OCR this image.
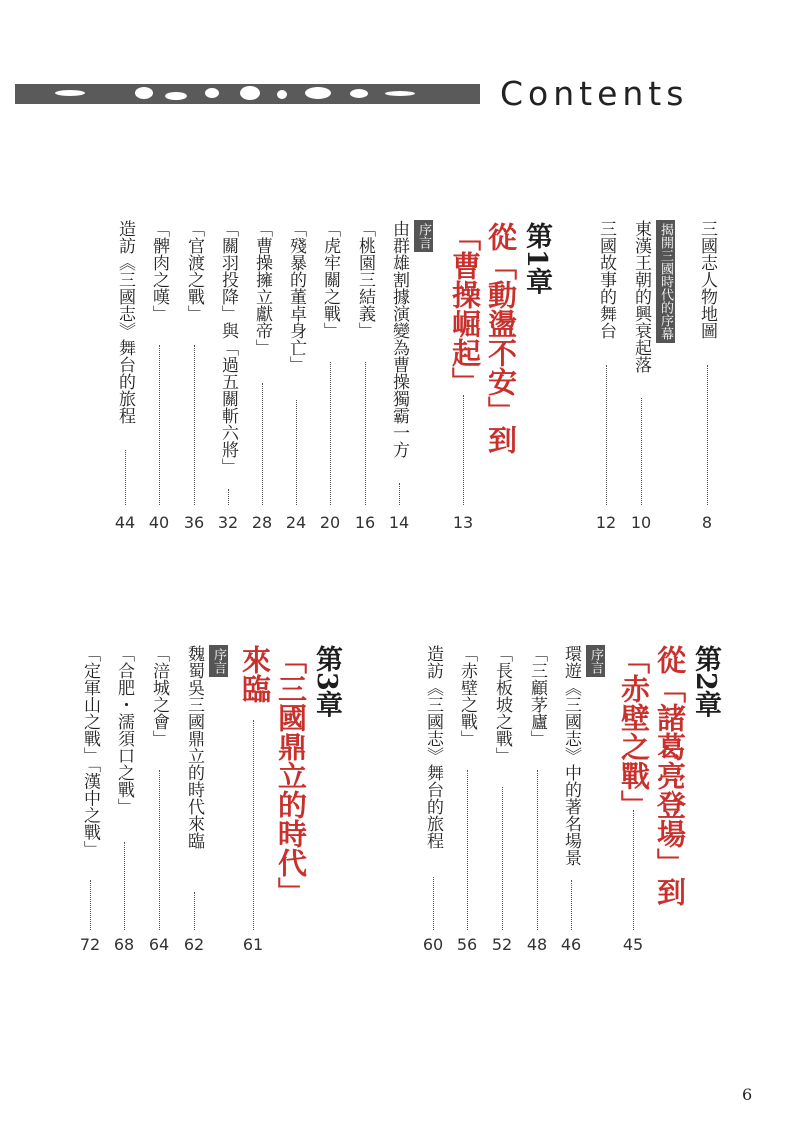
Contents
三國志人物地圖
8
揭開三國時代的序幕
東漢王朝的興衰起落
10
三國故事的舞台
12
第1章
從「動盪不安」到
「曹操崛起」
13
序言
由群雄割據演變為曹操獨霸一方
14
「桃園三結義」
16
「虎牢關之戰」
20
「殘暴的董卓身亡」
24
「曹操擁立獻帝」
28
「關羽投降」與「過五關斬六將」
32
「官渡之戰」
36
「髀肉之嘆」
40
造訪《三國志》舞台的旅程
44
第2章
從「諸葛亮登場」到
「赤壁之戰」
45
序言
環遊《三國志》中的著名場景
46
「三顧茅廬」
48
「長板坡之戰」
52
「赤壁之戰」
56
造訪《三國志》舞台的旅程
60
第3章
「三國鼎立的時代」
來臨
61
序言
魏蜀吳三國鼎立的時代來臨
62
「涪城之會」
64
「合肥・濡須口之戰」
68
「定軍山之戰」「漢中之戰」
72
6
